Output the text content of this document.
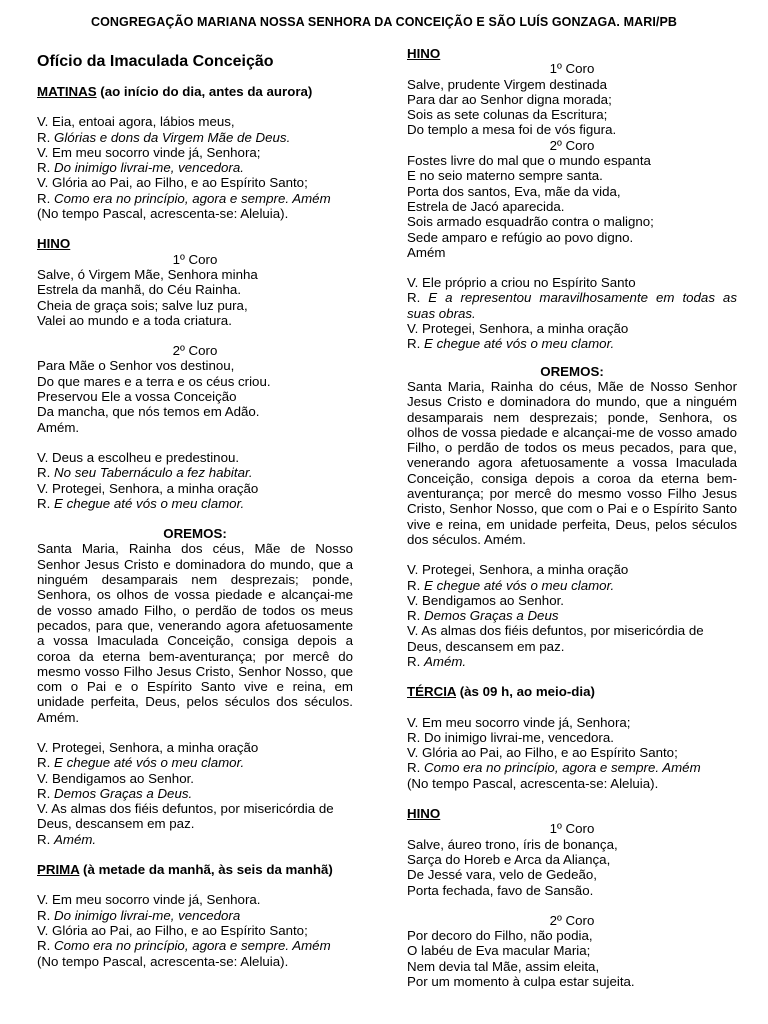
CONGREGAÇÃO MARIANA NOSSA SENHORA DA CONCEIÇÃO E SÃO LUÍS GONZAGA. MARI/PB

Ofício da Imaculada Conceição

MATINAS (ao início do dia, antes da aurora)

V. Eia, entoai agora, lábios meus,

R. Glórias e dons da Virgem Mãe de Deus.

V. Em meu socorro vinde já, Senhora;

R. Do inimigo livrai-me, vencedora.

V. Glória ao Pai, ao Filho, e ao Espírito Santo;

R. Como era no princípio, agora e sempre. Amém

(No tempo Pascal, acrescenta-se: Aleluia).

HINO

1º Coro

Salve, ó Virgem Mãe, Senhora minha

Estrela da manhã, do Céu Rainha.

Cheia de graça sois; salve luz pura,

Valei ao mundo e a toda criatura.

2º Coro

Para Mãe o Senhor vos destinou,

Do que mares e a terra e os céus criou.

Preservou Ele a vossa Conceição

Da mancha, que nós temos em Adão.

Amém.

V. Deus a escolheu e predestinou.

R. No seu Tabernáculo a fez habitar.

V. Protegei, Senhora, a minha oração

R. E chegue até vós o meu clamor.

OREMOS:

Santa Maria, Rainha dos céus, Mãe de Nosso Senhor Jesus Cristo e dominadora do mundo, que a ninguém desamparais nem desprezais; ponde, Senhora, os olhos de vossa piedade e alcançai-me de vosso amado Filho, o perdão de todos os meus pecados, para que, venerando agora afetuosamente a vossa Imaculada Conceição, consiga depois a coroa da eterna bem-aventurança; por mercê do mesmo vosso Filho Jesus Cristo, Senhor Nosso, que com o Pai e o Espírito Santo vive e reina, em unidade perfeita, Deus, pelos séculos dos séculos. Amém.

V. Protegei, Senhora, a minha oração

R. E chegue até vós o meu clamor.

V. Bendigamos ao Senhor.

R. Demos Graças a Deus.

V. As almas dos fiéis defuntos, por misericórdia de Deus, descansem em paz.

R. Amém.

PRIMA (à metade da manhã, às seis da manhã)

V. Em meu socorro vinde já, Senhora.

R. Do inimigo livrai-me, vencedora

V. Glória ao Pai, ao Filho, e ao Espírito Santo;

R. Como era no princípio, agora e sempre. Amém

(No tempo Pascal, acrescenta-se: Aleluia).

HINO

1º Coro

Salve, prudente Virgem destinada

Para dar ao Senhor digna morada;

Sois as sete colunas da Escritura;

Do templo a mesa foi de vós figura.

2º Coro

Fostes livre do mal que o mundo espanta

E no seio materno sempre santa.

Porta dos santos, Eva, mãe da vida,

Estrela de Jacó aparecida.

Sois armado esquadrão contra o maligno;

Sede amparo e refúgio ao povo digno.

Amém

V. Ele próprio a criou no Espírito Santo

R. E a representou maravilhosamente em todas as suas obras.

V. Protegei, Senhora, a minha oração

R. E chegue até vós o meu clamor.

OREMOS:

Santa Maria, Rainha do céus, Mãe de Nosso Senhor Jesus Cristo e dominadora do mundo, que a ninguém desamparais nem desprezais; ponde, Senhora, os olhos de vossa piedade e alcançai-me de vosso amado Filho, o perdão de todos os meus pecados, para que, venerando agora afetuosamente a vossa Imaculada Conceição, consiga depois a coroa da eterna bem-aventurança; por mercê do mesmo vosso Filho Jesus Cristo, Senhor Nosso, que com o Pai e o Espírito Santo vive e reina, em unidade perfeita, Deus, pelos séculos dos séculos. Amém.

V. Protegei, Senhora, a minha oração

R. E chegue até vós o meu clamor.

V. Bendigamos ao Senhor.

R. Demos Graças a Deus

V. As almas dos fiéis defuntos, por misericórdia de Deus, descansem em paz.

R. Amém.

TÉRCIA (às 09 h, ao meio-dia)

V. Em meu socorro vinde já, Senhora;

R. Do inimigo livrai-me, vencedora.

V. Glória ao Pai, ao Filho, e ao Espírito Santo;

R. Como era no princípio, agora e sempre. Amém

(No tempo Pascal, acrescenta-se: Aleluia).

HINO

1º Coro

Salve, áureo trono, íris de bonança,

Sarça do Horeb e Arca da Aliança,

De Jessé vara, velo de Gedeão,

Porta fechada, favo de Sansão.

2º Coro

Por decoro do Filho, não podia,

O labéu de Eva macular Maria;

Nem devia tal Mãe, assim eleita,

Por um momento à culpa estar sujeita.
